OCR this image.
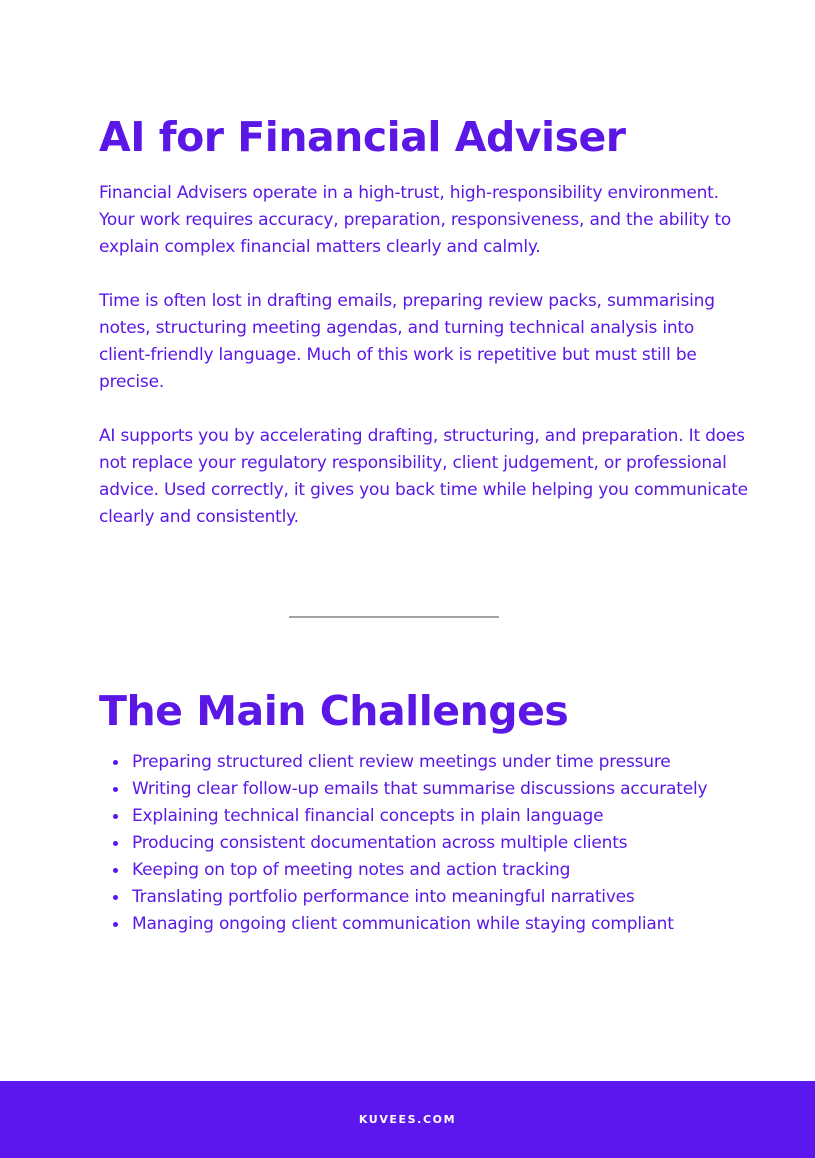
AI for Financial Adviser

Financial Advisers operate in a high-trust, high-responsibility environment. Your work requires accuracy, preparation, responsiveness, and the ability to explain complex financial matters clearly and calmly.

Time is often lost in drafting emails, preparing review packs, summarising notes, structuring meeting agendas, and turning technical analysis into client-friendly language. Much of this work is repetitive but must still be precise.

AI supports you by accelerating drafting, structuring, and preparation. It does not replace your regulatory responsibility, client judgement, or professional advice. Used correctly, it gives you back time while helping you communicate clearly and consistently.

The Main Challenges
Preparing structured client review meetings under time pressure
Writing clear follow-up emails that summarise discussions accurately
Explaining technical financial concepts in plain language
Producing consistent documentation across multiple clients
Keeping on top of meeting notes and action tracking
Translating portfolio performance into meaningful narratives
Managing ongoing client communication while staying compliant
KUVEES.COM
